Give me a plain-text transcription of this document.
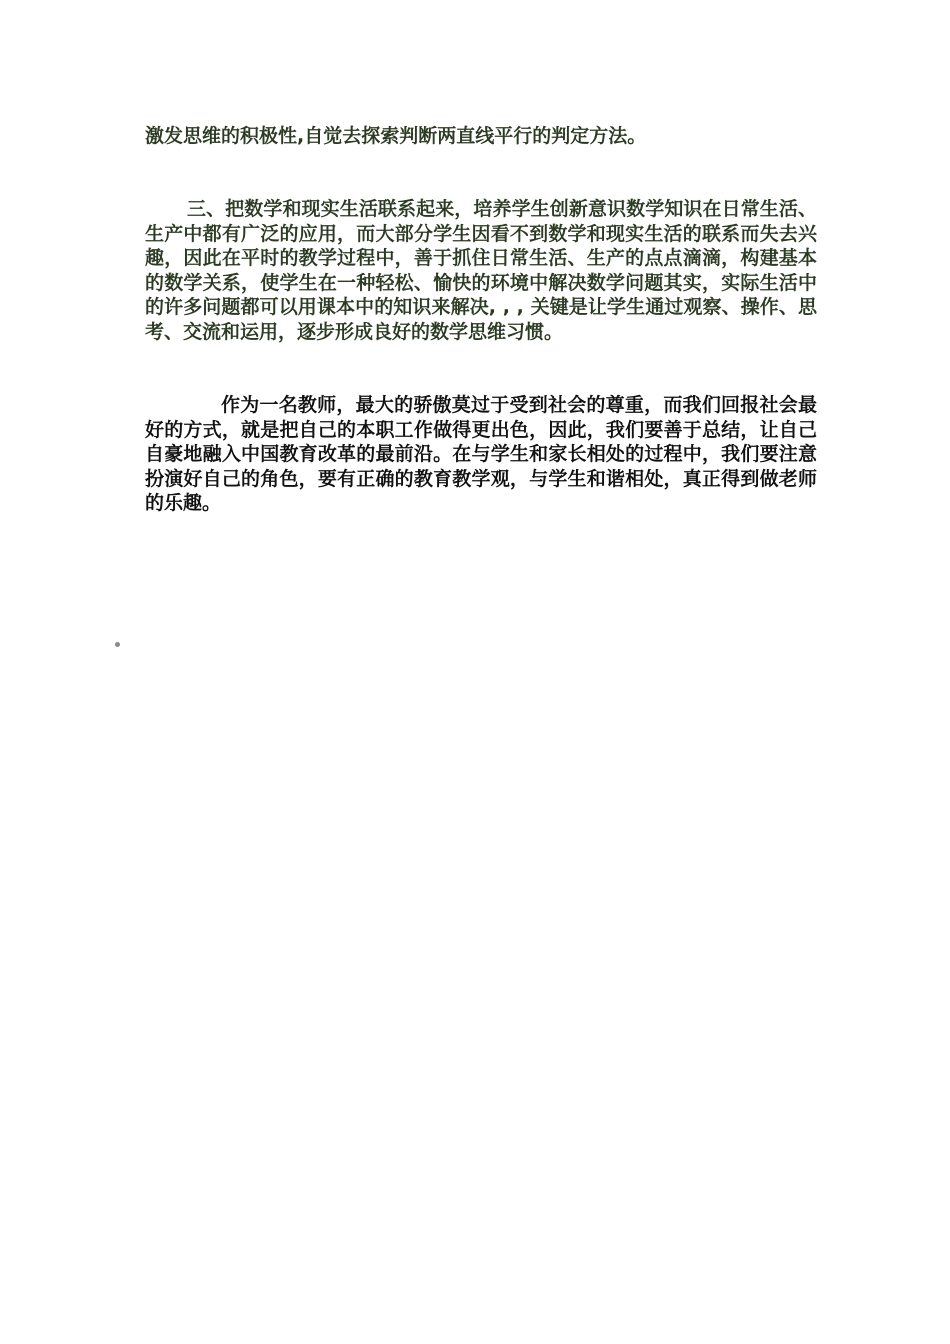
激发思维的积极性,自觉去探索判断两直线平行的判定方法。

三、把数学和现实生活联系起来，培养学生创新意识数学知识在日常生活、生产中都有广泛的应用，而大部分学生因看不到数学和现实生活的联系而失去兴趣，因此在平时的教学过程中，善于抓住日常生活、生产的点点滴滴，构建基本的数学关系，使学生在一种轻松、愉快的环境中解决数学问题其实，实际生活中的许多问题都可以用课本中的知识来解决, , , 关键是让学生通过观察、操作、思考、交流和运用，逐步形成良好的数学思维习惯。

作为一名教师，最大的骄傲莫过于受到社会的尊重，而我们回报社会最好的方式，就是把自己的本职工作做得更出色，因此，我们要善于总结，让自己自豪地融入中国教育改革的最前沿。在与学生和家长相处的过程中，我们要注意扮演好自己的角色，要有正确的教育教学观，与学生和谐相处，真正得到做老师的乐趣。
